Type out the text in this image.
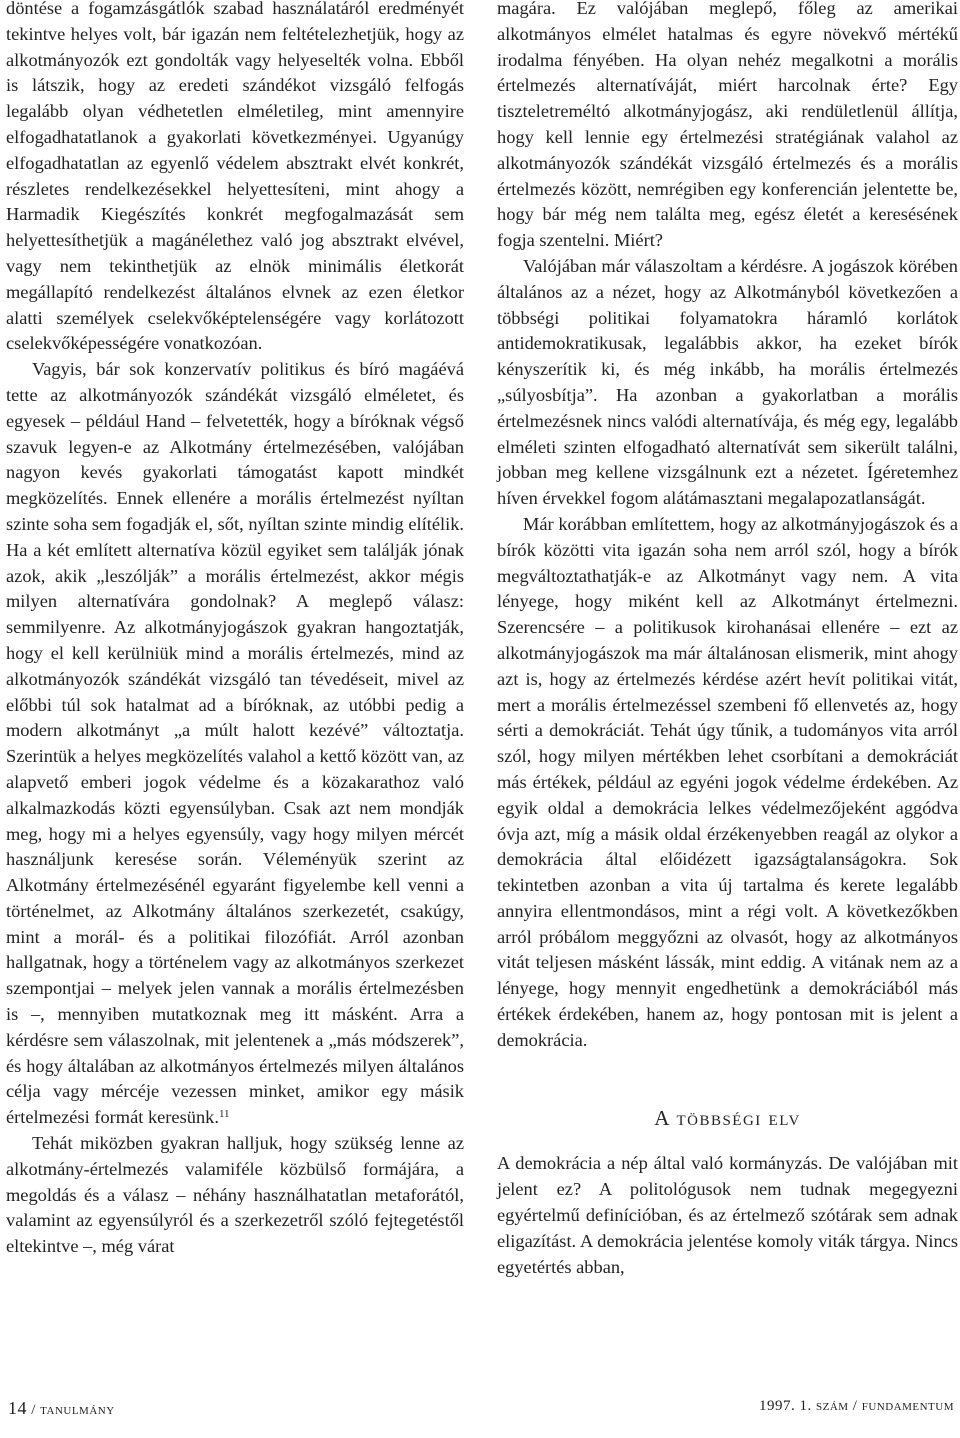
döntése a fogamzásgátlók szabad használatáról eredményét tekintve helyes volt, bár igazán nem feltételezhetjük, hogy az alkotmányozók ezt gondolták vagy helyeselték volna. Ebből is látszik, hogy az eredeti szándékot vizsgáló felfogás legalább olyan védhetetlen elméletileg, mint amennyire elfogadhatatlanok a gyakorlati következményei. Ugyanúgy elfogadhatatlan az egyenlő védelem absztrakt elvét konkrét, részletes rendelkezésekkel helyettesíteni, mint ahogy a Harmadik Kiegészítés konkrét megfogalmazását sem helyettesíthetjük a magánélethez való jog absztrakt elvével, vagy nem tekinthetjük az elnök minimális életkorát megállapító rendelkezést általános elvnek az ezen életkor alatti személyek cselekvőképtelenségére vagy korlátozott cselekvőképességére vonatkozóan.

Vagyis, bár sok konzervatív politikus és bíró magáévá tette az alkotmányozók szándékát vizsgáló elméletet, és egyesek – például Hand – felvetették, hogy a bíróknak végső szavuk legyen-e az Alkotmány értelmezésében, valójában nagyon kevés gyakorlati támogatást kapott mindkét megközelítés. Ennek ellenére a morális értelmezést nyíltan szinte soha sem fogadják el, sőt, nyíltan szinte mindig elítélik. Ha a két említett alternatíva közül egyiket sem találják jónak azok, akik „leszólják” a morális értelmezést, akkor mégis milyen alternatívára gondolnak? A meglepő válasz: semmilyenre. Az alkotmányjogászok gyakran hangoztatják, hogy el kell kerülniük mind a morális értelmezés, mind az alkotmányozók szándékát vizsgáló tan tévedéseit, mivel az előbbi túl sok hatalmat ad a bíróknak, az utóbbi pedig a modern alkotmányt „a múlt halott kezévé” változtatja. Szerintük a helyes megközelítés valahol a kettő között van, az alapvető emberi jogok védelme és a közakarathoz való alkalmazkodás közti egyensúlyban. Csak azt nem mondják meg, hogy mi a helyes egyensúly, vagy hogy milyen mércét használjunk keresése során. Véleményük szerint az Alkotmány értelmezésénél egyaránt figyelembe kell venni a történelmet, az Alkotmány általános szerkezetét, csakúgy, mint a morál- és a politikai filozófiát. Arról azonban hallgatnak, hogy a történelem vagy az alkotmányos szerkezet szempontjai – melyek jelen vannak a morális értelmezésben is –, mennyiben mutatkoznak meg itt másként. Arra a kérdésre sem válaszolnak, mit jelentenek a „más módszerek”, és hogy általában az alkotmányos értelmezés milyen általános célja vagy mércéje vezessen minket, amikor egy másik értelmezési formát keresünk.$^{11}$

Tehát miközben gyakran halljuk, hogy szükség lenne az alkotmány-értelmezés valamiféle közbülső formájára, a megoldás és a válasz – néhány használhatatlan metaforától, valamint az egyensúlyról és a szerkezetről szóló fejtegetéstől eltekintve –, még várat

magára. Ez valójában meglepő, főleg az amerikai alkotmányos elmélet hatalmas és egyre növekvő mértékű irodalma fényében. Ha olyan nehéz megalkotni a morális értelmezés alternatíváját, miért harcolnak érte? Egy tiszteletreméltó alkotmányjogász, aki rendületlenül állítja, hogy kell lennie egy értelmezési stratégiának valahol az alkotmányozók szándékát vizsgáló értelmezés és a morális értelmezés között, nemrégiben egy konferencián jelentette be, hogy bár még nem találta meg, egész életét a keresésének fogja szentelni. Miért?

Valójában már válaszoltam a kérdésre. A jogászok körében általános az a nézet, hogy az Alkotmányból következően a többségi politikai folyamatokra háramló korlátok antidemokratikusak, legalábbis akkor, ha ezeket bírók kényszerítik ki, és még inkább, ha morális értelmezés „súlyosbítja”. Ha azonban a gyakorlatban a morális értelmezésnek nincs valódi alternatívája, és még egy, legalább elméleti szinten elfogadható alternatívát sem sikerült találni, jobban meg kellene vizsgálnunk ezt a nézetet. Ígéretemhez híven érvekkel fogom alátámasztani megalapozatlanságát.

Már korábban említettem, hogy az alkotmányjogászok és a bírók közötti vita igazán soha nem arról szól, hogy a bírók megváltoztathatják-e az Alkotmányt vagy nem. A vita lényege, hogy miként kell az Alkotmányt értelmezni. Szerencsére – a politikusok kirohanásai ellenére – ezt az alkotmányjogászok ma már általánosan elismerik, mint ahogy azt is, hogy az értelmezés kérdése azért hevít politikai vitát, mert a morális értelmezéssel szembeni fő ellenvetés az, hogy sérti a demokráciát. Tehát úgy tűnik, a tudományos vita arról szól, hogy milyen mértékben lehet csorbítani a demokráciát más értékek, például az egyéni jogok védelme érdekében. Az egyik oldal a demokrácia lelkes védelmezőjeként aggódva óvja azt, míg a másik oldal érzékenyebben reagál az olykor a demokrácia által előidézett igazságtalanságokra. Sok tekintetben azonban a vita új tartalma és kerete legalább annyira ellentmondásos, mint a régi volt. A következőkben arról próbálom meggyőzni az olvasót, hogy az alkotmányos vitát teljesen másként lássák, mint eddig. A vitának nem az a lényege, hogy mennyit engedhetünk a demokráciából más értékek érdekében, hanem az, hogy pontosan mit is jelent a demokrácia.

A többségi elv

A demokrácia a nép által való kormányzás. De valójában mit jelent ez? A politológusok nem tudnak megegyezni egyértelmű definícióban, és az értelmező szótárak sem adnak eligazítást. A demokrácia jelentése komoly viták tárgya. Nincs egyetértés abban,

14 / tanulmány	1997. 1. szám / fundamentum
